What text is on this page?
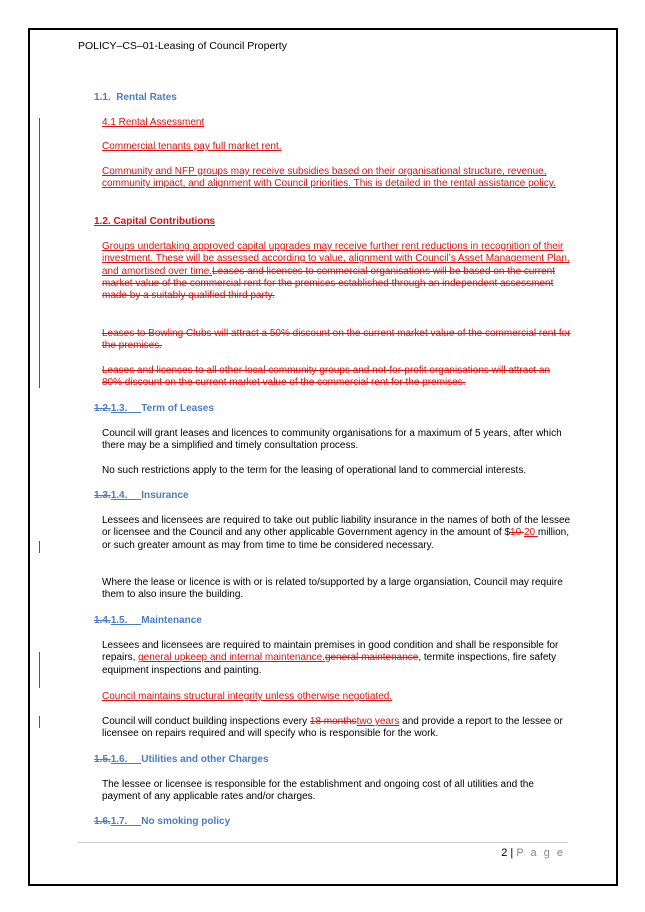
POLICY–CS–01-Leasing of Council Property
1.1. Rental Rates
4.1 Rental Assessment
Commercial tenants pay full market rent.
Community and NFP groups may receive subsidies based on their organisational structure, revenue, community impact, and alignment with Council priorities. This is detailed in the rental assistance policy.
1.2. Capital Contributions
Groups undertaking approved capital upgrades may receive further rent reductions in recognition of their investment. These will be assessed according to value, alignment with Council’s Asset Management Plan, and amortised over time.Leases and licences to commercial organisations will be based on the current market value of the commercial rent for the premises established through an independent assessment made by a suitably qualified third party.
Leases to Bowling Clubs will attract a 50% discount on the current market value of the commercial rent for the premises.
Leases and licences to all other local community groups and not-for-profit organisations will attract an 80% discount on the current market value of the commercial rent for the premises.
1.2.1.3. Term of Leases
Council will grant leases and licences to community organisations for a maximum of 5 years, after which there may be a simplified and timely consultation process.
No such restrictions apply to the term for the leasing of operational land to commercial interests.
1.3.1.4. Insurance
Lessees and licensees are required to take out public liability insurance in the names of both of the lessee or licensee and the Council and any other applicable Government agency in the amount of $10 20 million, or such greater amount as may from time to time be considered necessary.
Where the lease or licence is with or is related to/supported by a large organsiation, Council may require them to also insure the building.
1.4.1.5. Maintenance
Lessees and licensees are required to maintain premises in good condition and shall be responsible for repairs, general upkeep and internal maintenance.general maintenance, termite inspections, fire safety equipment inspections and painting.
Council maintains structural integrity unless otherwise negotiated.
Council will conduct building inspections every 18 monthstwo years and provide a report to the lessee or licensee on repairs required and will specify who is responsible for the work.
1.5.1.6. Utilities and other Charges
The lessee or licensee is responsible for the establishment and ongoing cost of all utilities and the payment of any applicable rates and/or charges.
1.6.1.7. No smoking policy
2 | P a g e
